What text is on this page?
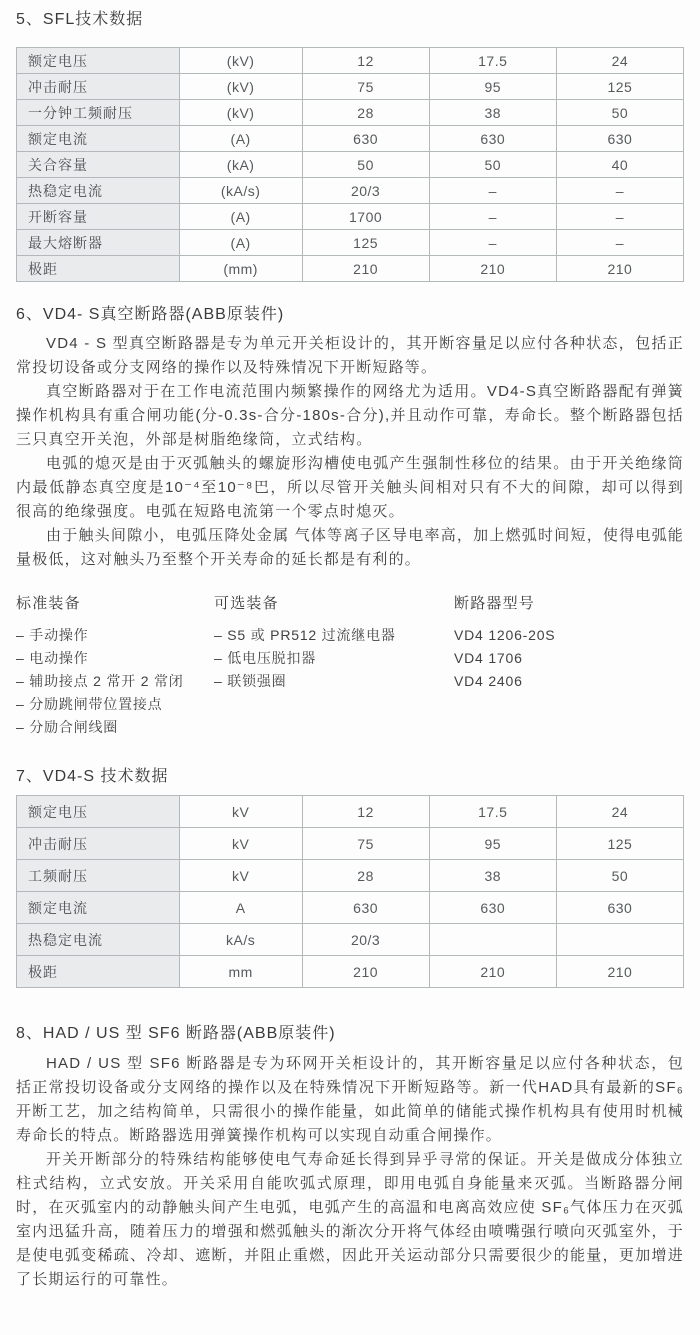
5、SFL技术数据
额定电压	(kV)	12	17.5	24
冲击耐压	(kV)	75	95	125
一分钟工频耐压	(kV)	28	38	50
额定电流	(A)	630	630	630
关合容量	(kA)	50	50	40
热稳定电流	(kA/s)	20/3	–	–
开断容量	(A)	1700	–	–
最大熔断器	(A)	125	–	–
极距	(mm)	210	210	210
6、VD4- S真空断路器(ABB原装件)

VD4 - S 型真空断路器是专为单元开关柜设计的，其开断容量足以应付各种状态，包括正常投切设备或分支网络的操作以及特殊情况下开断短路等。

真空断路器对于在工作电流范围内频繁操作的网络尤为适用。VD4-S真空断路器配有弹簧操作机构具有重合闸功能(分-0.3s-合分-180s-合分),并且动作可靠，寿命长。整个断路器包括三只真空开关泡，外部是树脂绝缘筒，立式结构。

电弧的熄灭是由于灭弧触头的螺旋形沟槽使电弧产生强制性移位的结果。由于开关绝缘筒内最低静态真空度是10⁻⁴至10⁻⁸巴，所以尽管开关触头间相对只有不大的间隙，却可以得到很高的绝缘强度。电弧在短路电流第一个零点时熄灭。

由于触头间隙小，电弧压降处金属 气体等离子区导电率高，加上燃弧时间短，使得电弧能量极低，这对触头乃至整个开关寿命的延长都是有利的。

标准装备
– 手动操作
– 电动操作
– 辅助接点 2 常开 2 常闭
– 分励跳闸带位置接点
– 分励合闸线圈
可选装备
– S5 或 PR512 过流继电器
– 低电压脱扣器
– 联锁强圈
断路器型号
VD4 1206-20S
VD4 1706
VD4 2406
7、VD4-S 技术数据
额定电压	kV	12	17.5	24
冲击耐压	kV	75	95	125
工频耐压	kV	28	38	50
额定电流	A	630	630	630
热稳定电流	kA/s	20/3		
极距	mm	210	210	210
8、HAD / US 型 SF6 断路器(ABB原装件)

HAD / US 型 SF6 断路器是专为环网开关柜设计的，其开断容量足以应付各种状态，包括正常投切设备或分支网络的操作以及在特殊情况下开断短路等。新一代HAD具有最新的SF₆开断工艺，加之结构简单，只需很小的操作能量，如此简单的储能式操作机构具有使用时机械寿命长的特点。断路器选用弹簧操作机构可以实现自动重合闸操作。

开关开断部分的特殊结构能够使电气寿命延长得到异乎寻常的保证。开关是做成分体独立柱式结构，立式安放。开关采用自能吹弧式原理，即用电弧自身能量来灭弧。当断路器分闸时，在灭弧室内的动静触头间产生电弧，电弧产生的高温和电离高效应使 SF₆气体压力在灭弧室内迅猛升高，随着压力的增强和燃弧触头的渐次分开将气体经由喷嘴强行喷向灭弧室外，于是使电弧变稀疏、冷却、遮断，并阻止重燃，因此开关运动部分只需要很少的能量，更加增进了长期运行的可靠性。
